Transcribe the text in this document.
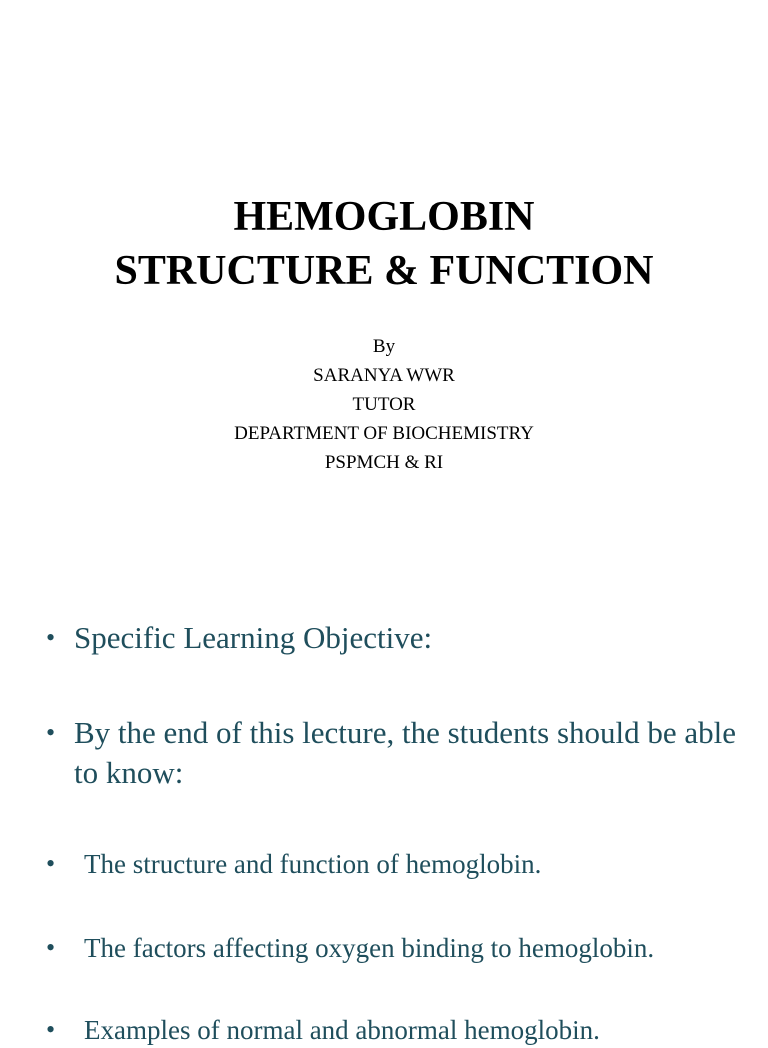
HEMOGLOBIN
STRUCTURE & FUNCTION
By
SARANYA WWR
TUTOR
DEPARTMENT OF BIOCHEMISTRY
PSPMCH & RI
• Specific Learning Objective:
• By the end of this lecture, the students should be able to know:
• The structure and function of hemoglobin.
• The factors affecting oxygen binding to hemoglobin.
• Examples of normal and abnormal hemoglobin.
